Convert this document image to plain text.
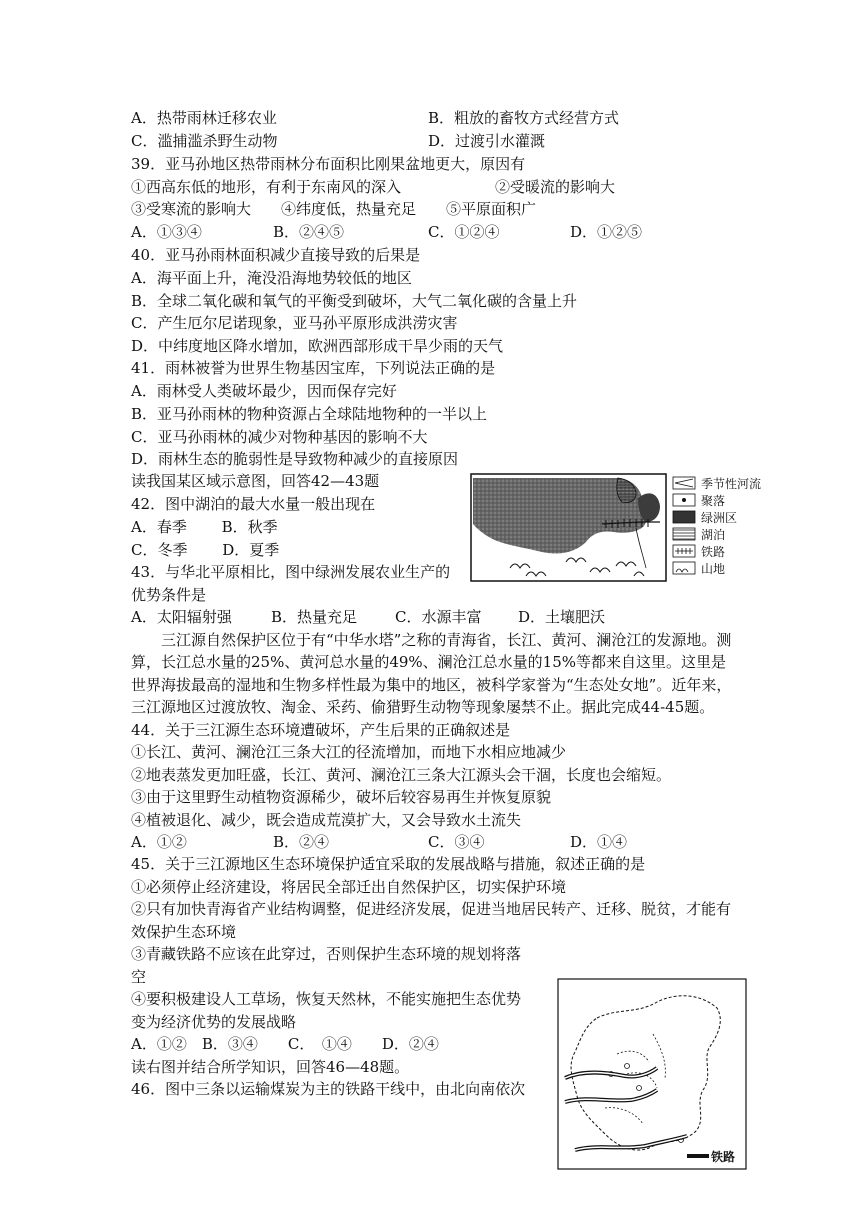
A．热带雨林迁移农业	B．粗放的畜牧方式经营方式
C．滥捕滥杀野生动物	D．过渡引水灌溉
39．亚马孙地区热带雨林分布面积比刚果盆地更大，原因有
①西高东低的地形，有利于东南风的深入	②受暖流的影响大
③受寒流的影响大　　④纬度低，热量充足　　⑤平原面积广
A．①③④	B．②④⑤	C．①②④	D．①②⑤
40．亚马孙雨林面积减少直接导致的后果是
A．海平面上升，淹没沿海地势较低的地区
B．全球二氧化碳和氧气的平衡受到破坏，大气二氧化碳的含量上升
C．产生厄尔尼诺现象，亚马孙平原形成洪涝灾害
D．中纬度地区降水增加，欧洲西部形成干旱少雨的天气
41．雨林被誉为世界生物基因宝库，下列说法正确的是
A．雨林受人类破坏最少，因而保存完好
B．亚马孙雨林的物种资源占全球陆地物种的一半以上
C．亚马孙雨林的减少对物种基因的影响不大
D．雨林生态的脆弱性是导致物种减少的直接原因
读我国某区域示意图，回答42—43题
42．图中湖泊的最大水量一般出现在
A．春季　　 B．秋季
C．冬季　　 D．夏季
43．与华北平原相比，图中绿洲发展农业生产的
优势条件是
A．太阳辐射强	B．热量充足	C．水源丰富 D．土壤肥沃
三江源自然保护区位于有“中华水塔”之称的青海省，长江、黄河、澜沧江的发源地。测
算，长江总水量的25%、黄河总水量的49%、澜沧江总水量的15%等都来自这里。这里是
世界海拔最高的湿地和生物多样性最为集中的地区，被科学家誉为“生态处女地”。近年来，
三江源地区过渡放牧、淘金、采药、偷猎野生动物等现象屡禁不止。据此完成44-45题。
44．关于三江源生态环境遭破坏，产生后果的正确叙述是
①长江、黄河、澜沧江三条大江的径流增加，而地下水相应地减少
②地表蒸发更加旺盛，长江、黄河、澜沧江三条大江源头会干涸，长度也会缩短。
③由于这里野生动植物资源稀少，破坏后较容易再生并恢复原貌
④植被退化、减少，既会造成荒漠扩大，又会导致水土流失
A．①②	B．②④	C．③④	D．①④
45．关于三江源地区生态环境保护适宜采取的发展战略与措施，叙述正确的是
①必须停止经济建设，将居民全部迁出自然保护区，切实保护环境
②只有加快青海省产业结构调整，促进经济发展，促进当地居民转产、迁移、脱贫，才能有
效保护生态环境
③青藏铁路不应该在此穿过，否则保护生态环境的规划将落
空
④要积极建设人工草场，恢复天然林，不能实施把生态优势
变为经济优势的发展战略
A．①②　B．③④　　C．　①④　　D．②④
读右图并结合所学知识，回答46—48题。
46．图中三条以运输煤炭为主的铁路干线中，由北向南依次
季节性河流
聚落
绿洲区
湖泊
铁路
山地
铁路
